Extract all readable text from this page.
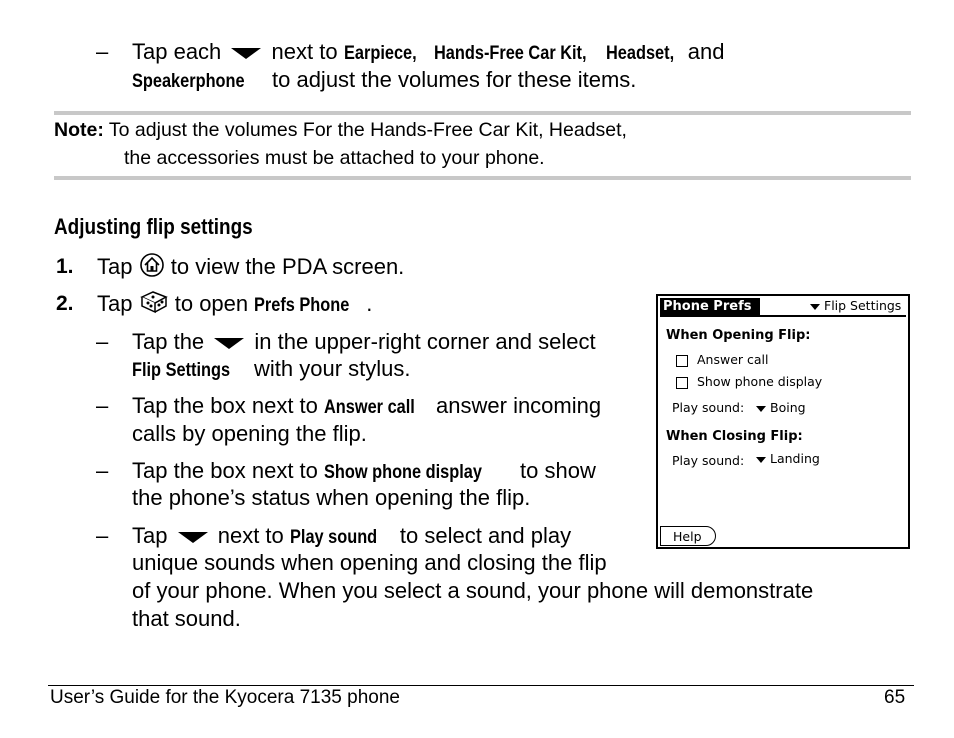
– Tap each next to Earpiece, Hands-Free Car Kit, Headset, and
Speakerphone to adjust the volumes for these items.
Note: To adjust the volumes For the Hands-Free Car Kit, Headset,
the accessories must be attached to your phone.
Adjusting flip settings
1. Tap to view the PDA screen.
2. Tap to open Prefs Phone .
– Tap the in the upper-right corner and select
Flip Settings with your stylus.
– Tap the box next to Answer call answer incoming
calls by opening the flip.
– Tap the box next to Show phone display to show
the phone’s status when opening the flip.
– Tap next to Play sound to select and play
unique sounds when opening and closing the flip
of your phone. When you select a sound, your phone will demonstrate
that sound.
Phone Prefs	Flip Settings
When Opening Flip:
Answer call
Show phone display
Play sound:	Boing
When Closing Flip:
Play sound:	Landing
Help
User’s Guide for the Kyocera 7135 phone	65
